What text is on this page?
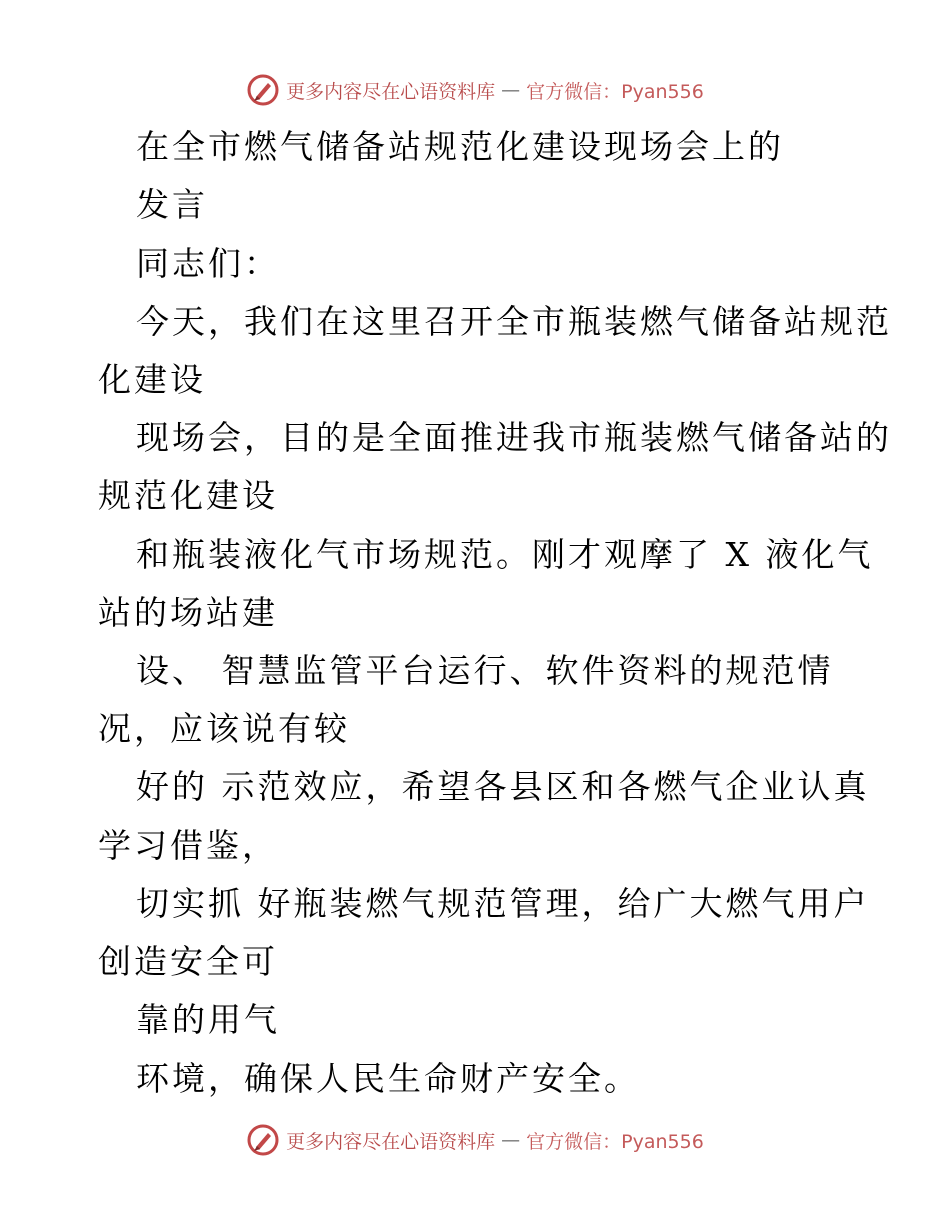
更多内容尽在心语资料库 — 官方微信：Pyan556
在全市燃气储备站规范化建设现场会上的
发言
同志们：
今天，我们在这里召开全市瓶装燃气储备站规范
化建设
现场会，目的是全面推进我市瓶装燃气储备站的
规范化建设
和瓶装液化气市场规范。刚才观摩了 X 液化气
站的场站建
设、 智慧监管平台运行、软件资料的规范情
况，应该说有较
好的 示范效应，希望各县区和各燃气企业认真
学习借鉴，
切实抓 好瓶装燃气规范管理，给广大燃气用户
创造安全可
靠的用气
环境，确保人民生命财产安全。
更多内容尽在心语资料库 — 官方微信：Pyan556
